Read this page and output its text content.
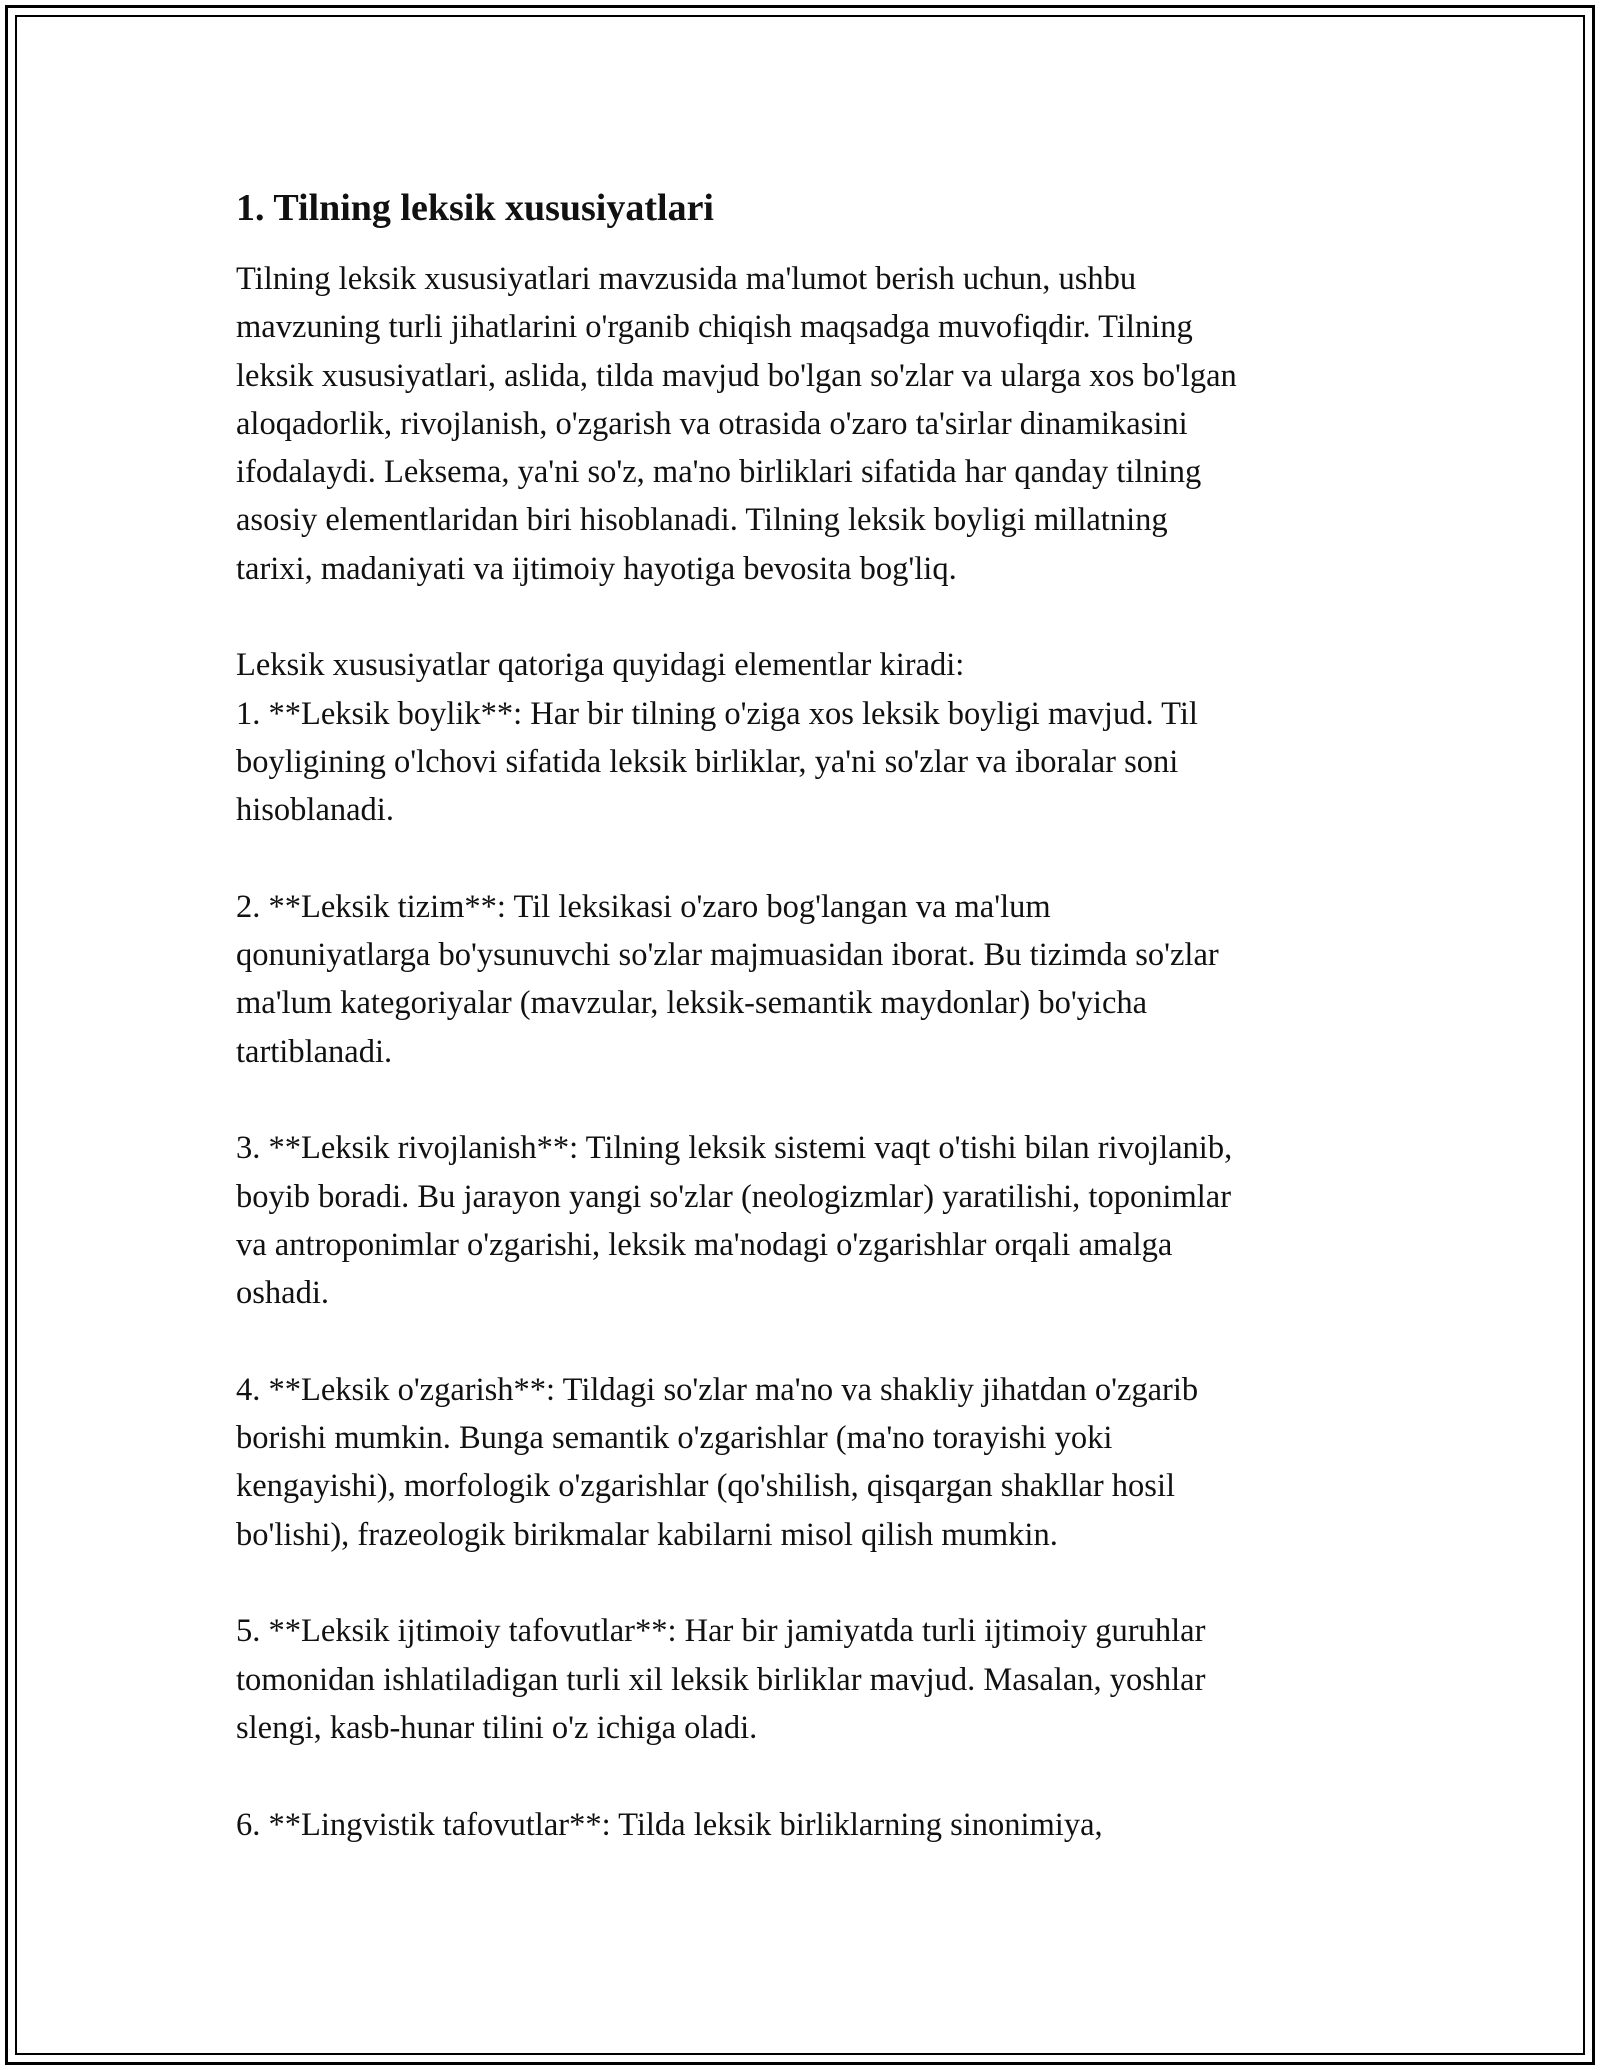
1. Tilning leksik xususiyatlari

Tilning leksik xususiyatlari mavzusida ma'lumot berish uchun, ushbu
mavzuning turli jihatlarini o'rganib chiqish maqsadga muvofiqdir. Tilning
leksik xususiyatlari, aslida, tilda mavjud bo'lgan so'zlar va ularga xos bo'lgan
aloqadorlik, rivojlanish, o'zgarish va otrasida o'zaro ta'sirlar dinamikasini
ifodalaydi. Leksema, ya'ni so'z, ma'no birliklari sifatida har qanday tilning
asosiy elementlaridan biri hisoblanadi. Tilning leksik boyligi millatning
tarixi, madaniyati va ijtimoiy hayotiga bevosita bog'liq.

Leksik xususiyatlar qatoriga quyidagi elementlar kiradi:

1. **Leksik boylik**: Har bir tilning o'ziga xos leksik boyligi mavjud. Til
boyligining o'lchovi sifatida leksik birliklar, ya'ni so'zlar va iboralar soni
hisoblanadi.

2. **Leksik tizim**: Til leksikasi o'zaro bog'langan va ma'lum
qonuniyatlarga bo'ysunuvchi so'zlar majmuasidan iborat. Bu tizimda so'zlar
ma'lum kategoriyalar (mavzular, leksik-semantik maydonlar) bo'yicha
tartiblanadi.

3. **Leksik rivojlanish**: Tilning leksik sistemi vaqt o'tishi bilan rivojlanib,
boyib boradi. Bu jarayon yangi so'zlar (neologizmlar) yaratilishi, toponimlar
va antroponimlar o'zgarishi, leksik ma'nodagi o'zgarishlar orqali amalga
oshadi.

4. **Leksik o'zgarish**: Tildagi so'zlar ma'no va shakliy jihatdan o'zgarib
borishi mumkin. Bunga semantik o'zgarishlar (ma'no torayishi yoki
kengayishi), morfologik o'zgarishlar (qo'shilish, qisqargan shakllar hosil
bo'lishi), frazeologik birikmalar kabilarni misol qilish mumkin.

5. **Leksik ijtimoiy tafovutlar**: Har bir jamiyatda turli ijtimoiy guruhlar
tomonidan ishlatiladigan turli xil leksik birliklar mavjud. Masalan, yoshlar
slengi, kasb-hunar tilini o'z ichiga oladi.

6. **Lingvistik tafovutlar**: Tilda leksik birliklarning sinonimiya,
